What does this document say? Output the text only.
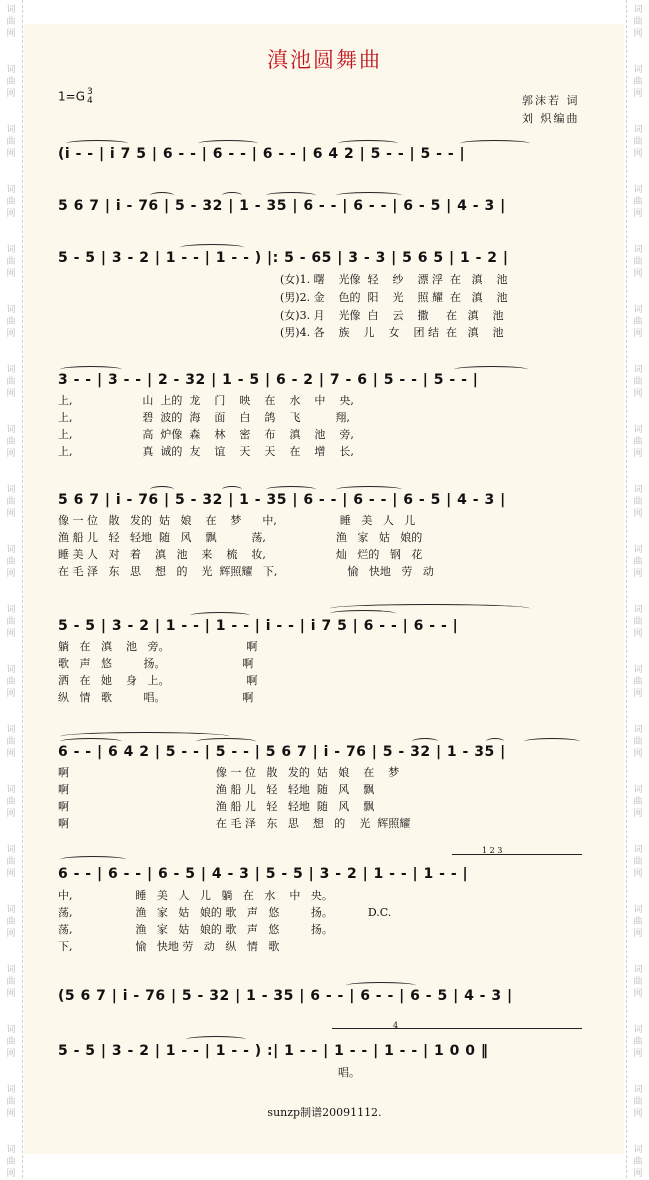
词
曲
网
词
曲
网
词
曲
网
词
曲
网
词
曲
网
词
曲
网
词
曲
网
词
曲
网
词
曲
网
词
曲
网
词
曲
网
词
曲
网
词
曲
网
词
曲
网
词
曲
网
词
曲
网
词
曲
网
词
曲
网
词
曲
网
词
曲
网
词
曲
网
词
曲
网
词
曲
网
词
曲
网
词
曲
网
词
曲
网
词
曲
网
词
曲
网
词
曲
网
词
曲
网
词
曲
网
词
曲
网
词
曲
网
词
曲
网
词
曲
网
词
曲
网
词
曲
网
词
曲
网
词
曲
网
词
曲
网
滇池圆舞曲
1=G 3
4	郭沫若 词
刘 炽编曲
(i̇ - - | i̇ 7 5 | 6 - - | 6 - - | 6 - - | 6 4 2 | 5 - - | 5 - - |
5 6 7 | i̇ - 76 | 5 - 32 | 1 - 35 | 6 - - | 6 - - | 6 - 5 | 4 - 3 |
5 - 5 | 3 - 2 | 1 - - | 1 - - ) |: 5 - 65 | 3 - 3 | 5 6 5 | 1 - 2 |
3 - - | 3 - - | 2 - 32 | 1 - 5 | 6 - 2 | 7 - 6 | 5 - - | 5 - - |
5 6 7 | i̇ - 76 | 5 - 32 | 1 - 35 | 6 - - | 6 - - | 6 - 5 | 4 - 3 |
5 - 5 | 3 - 2 | 1 - - | 1 - - | i̇ - - | i̇ 7 5 | 6 - - | 6 - - |
6 - - | 6 4 2 | 5 - - | 5 - - | 5 6 7 | i̇ - 76 | 5 - 32 | 1 - 35 |
6 - - | 6 - - | 6 - 5 | 4 - 3 | 5 - 5 | 3 - 2 | 1 - - | 1 - - |
(5 6 7 | i̇ - 76 | 5 - 32 | 1 - 35 | 6 - - | 6 - - | 6 - 5 | 4 - 3 |
5 - 5 | 3 - 2 | 1 - - | 1 - - ) :| 1 - - | 1 - - | 1 - - | 1 0 0 ‖
1 2 3
4
(女)1. 曙    光像  轻    纱    漂 浮  在   滇    池
(男)2. 金    色的  阳    光    照 耀  在   滇    池
(女)3. 月    光像  白    云    撒     在   滇    池
(男)4. 各    族    儿    女    团 结  在   滇    池
上,                    山  上的  龙    门    映    在    水    中    央,
上,                    碧  波的  海    面    白    鸽    飞          翔,
上,                    高  炉像  森    林    密    布    滇    池    旁,
上,                    真  诚的  友    谊    天    天    在    增    长,
像 一 位   散   发的  姑   娘    在    梦      中,                  睡   美   人   儿
渔 船 儿   轻   轻地  随   风    飘          荡,                    渔   家   姑   娘的
睡 美 人   对   着    滇   池    来    梳    妆,                    灿   烂的   钢   花
在 毛 泽   东   思    想   的    光  辉照耀   下,                    愉   快地   劳   动
躺   在   滇    池   旁。                      啊
歌   声   悠         扬。                      啊
洒   在   她    身   上。                      啊
纵   情   歌         唱。                      啊
啊                                          像 一 位   散   发的  姑   娘    在    梦
啊                                          渔 船 儿   轻   轻地  随   风    飘
啊                                          渔 船 儿   轻   轻地  随   风    飘
啊                                          在 毛 泽   东   思    想   的    光  辉照耀
中,                  睡   美   人   儿   躺   在   水    中   央。
荡,                  渔   家   姑   娘的 歌   声   悠         扬。          D.C.
荡,                  渔   家   姑   娘的 歌   声   悠         扬。
下,                  愉   快地 劳   动   纵   情   歌
唱。
sunzp制谱20091112.
